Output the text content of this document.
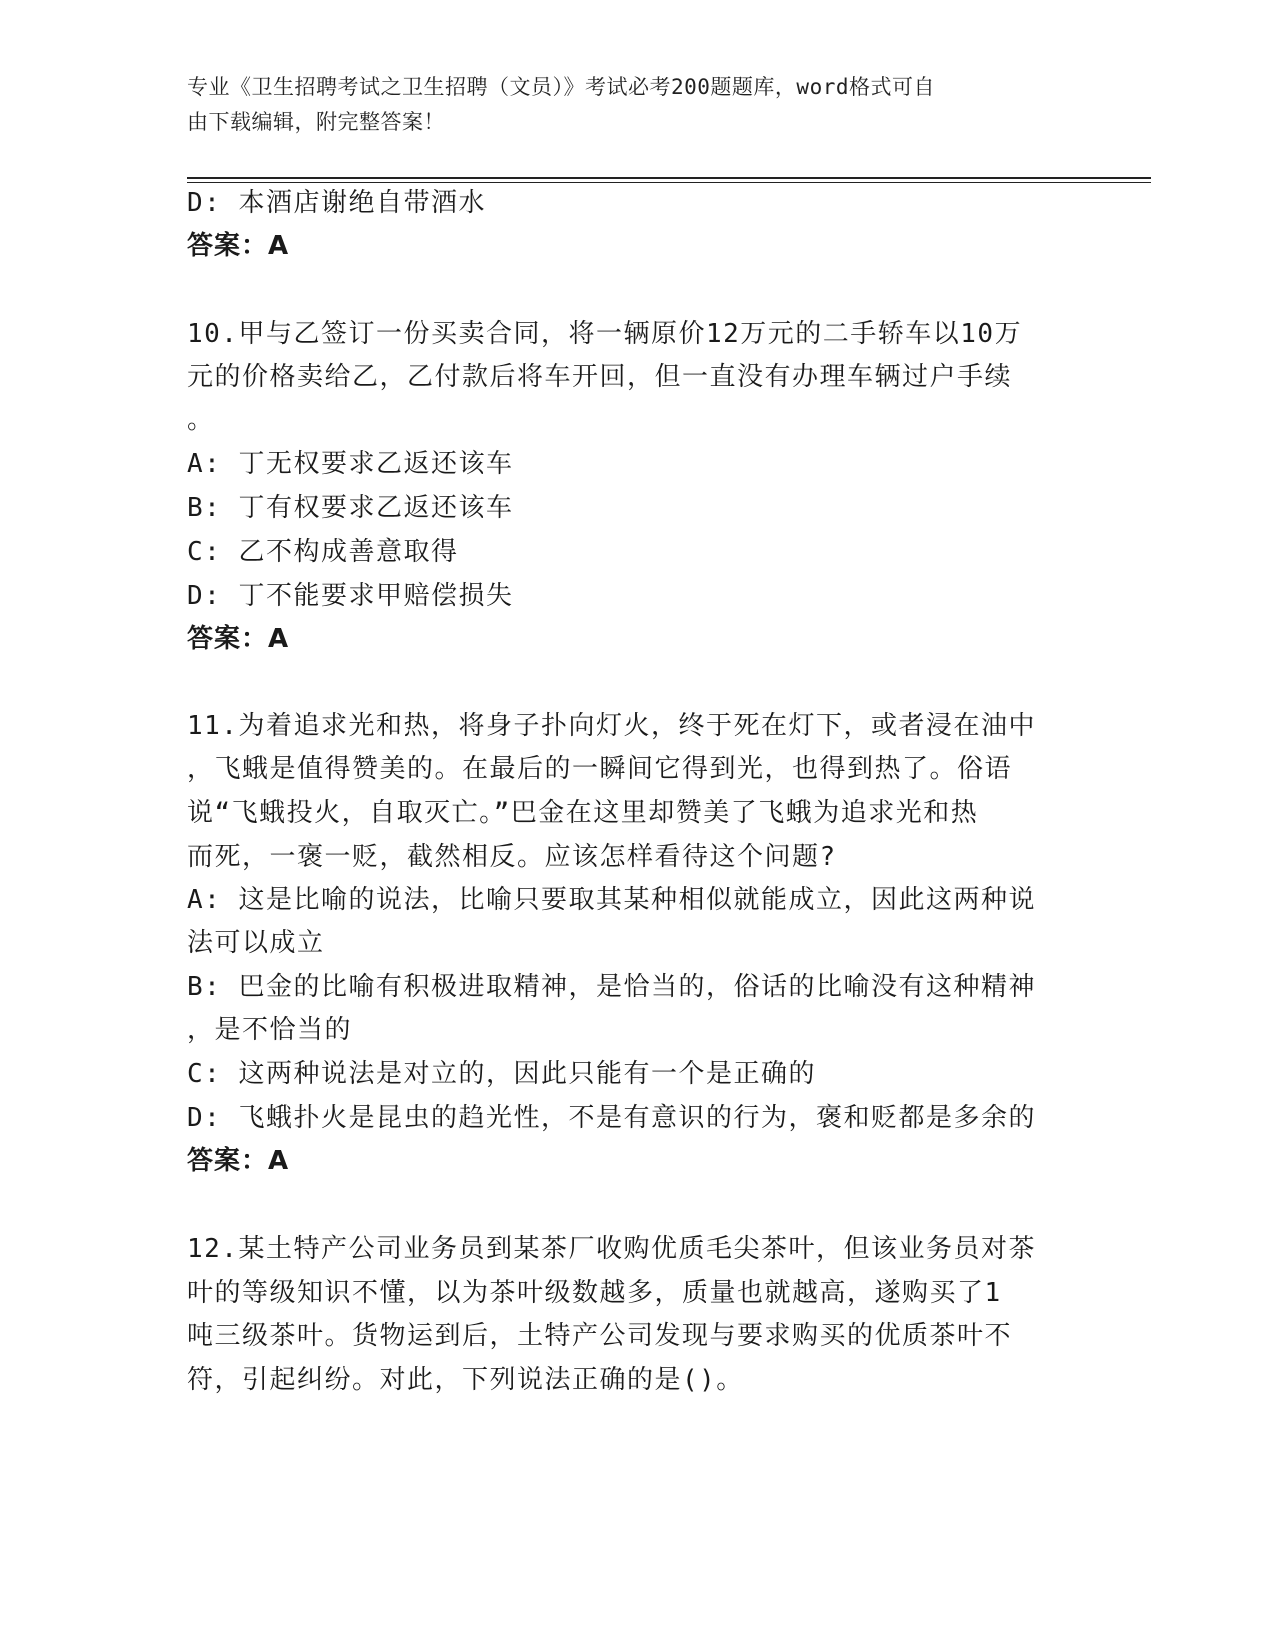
专业《卫生招聘考试之卫生招聘（文员）》考试必考200题题库，word格式可自
由下载编辑，附完整答案！
D: 本酒店谢绝自带酒水
答案：A
10.甲与乙签订一份买卖合同，将一辆原价12万元的二手轿车以10万
元的价格卖给乙，乙付款后将车开回，但一直没有办理车辆过户手续
。
A: 丁无权要求乙返还该车
B: 丁有权要求乙返还该车
C: 乙不构成善意取得
D: 丁不能要求甲赔偿损失
答案：A
11.为着追求光和热，将身子扑向灯火，终于死在灯下，或者浸在油中
，飞蛾是值得赞美的。在最后的一瞬间它得到光，也得到热了。俗语
说“飞蛾投火，自取灭亡。”巴金在这里却赞美了飞蛾为追求光和热
而死，一褒一贬，截然相反。应该怎样看待这个问题?
A: 这是比喻的说法，比喻只要取其某种相似就能成立，因此这两种说
法可以成立
B: 巴金的比喻有积极进取精神，是恰当的，俗话的比喻没有这种精神
，是不恰当的
C: 这两种说法是对立的，因此只能有一个是正确的
D: 飞蛾扑火是昆虫的趋光性，不是有意识的行为，褒和贬都是多余的
答案：A
12.某土特产公司业务员到某茶厂收购优质毛尖茶叶，但该业务员对茶
叶的等级知识不懂，以为茶叶级数越多，质量也就越高，遂购买了1
吨三级茶叶。货物运到后，土特产公司发现与要求购买的优质茶叶不
符，引起纠纷。对此，下列说法正确的是()。
